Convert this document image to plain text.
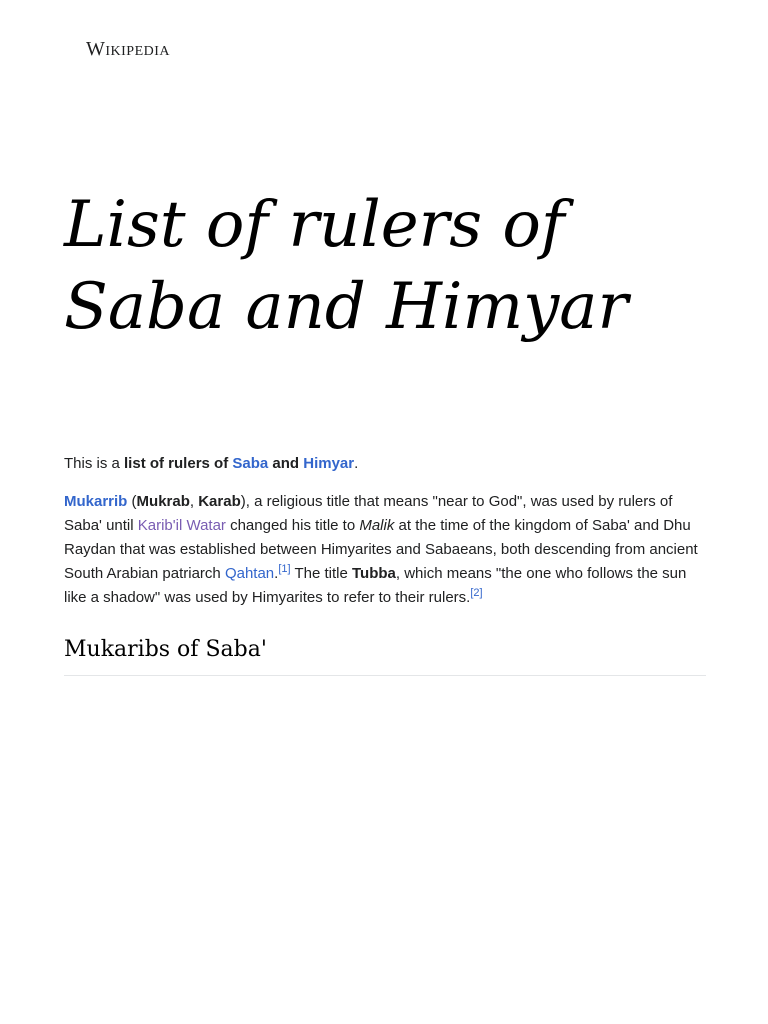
Wikipedia
List of rulers of Saba and Himyar

This is a list of rulers of Saba and Himyar.

Mukarrib (Mukrab, Karab), a religious title that means "near to God", was used by rulers of Saba' until Karib'il Watar changed his title to Malik at the time of the kingdom of Saba' and Dhu Raydan that was established between Himyarites and Sabaeans, both descending from ancient South Arabian patriarch Qahtan.[1] The title Tubba, which means "the one who follows the sun like a shadow" was used by Himyarites to refer to their rulers.[2]

Mukaribs of Saba'
